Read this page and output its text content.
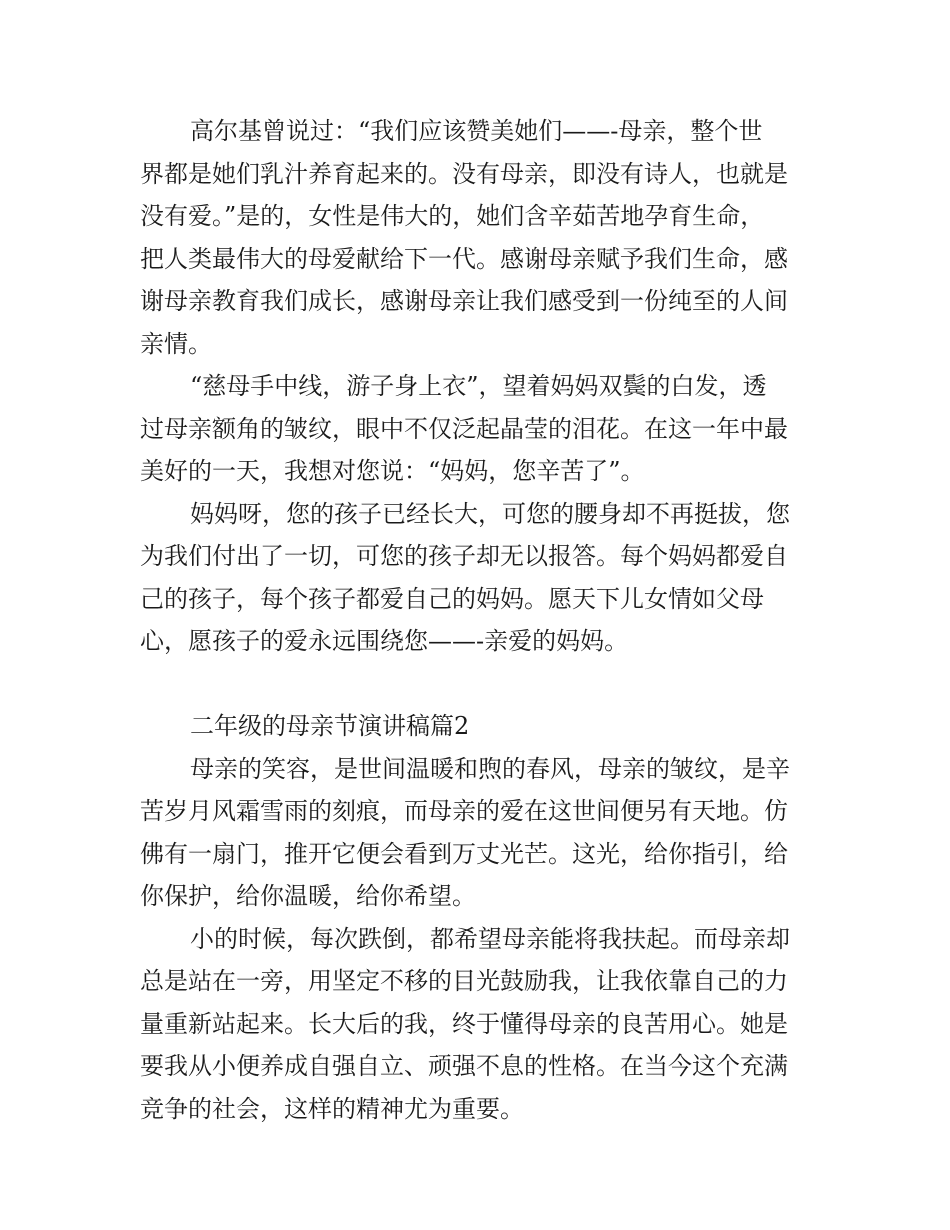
高尔基曾说过：“我们应该赞美她们——-母亲，整个世
界都是她们乳汁养育起来的。没有母亲，即没有诗人，也就是
没有爱。”是的，女性是伟大的，她们含辛茹苦地孕育生命，
把人类最伟大的母爱献给下一代。感谢母亲赋予我们生命，感
谢母亲教育我们成长，感谢母亲让我们感受到一份纯至的人间
亲情。
“慈母手中线，游子身上衣”，望着妈妈双鬓的白发，透
过母亲额角的皱纹，眼中不仅泛起晶莹的泪花。在这一年中最
美好的一天，我想对您说：“妈妈，您辛苦了”。
妈妈呀，您的孩子已经长大，可您的腰身却不再挺拔，您
为我们付出了一切，可您的孩子却无以报答。每个妈妈都爱自
己的孩子，每个孩子都爱自己的妈妈。愿天下儿女情如父母
心，愿孩子的爱永远围绕您——-亲爱的妈妈。
二年级的母亲节演讲稿篇2
母亲的笑容，是世间温暖和煦的春风，母亲的皱纹，是辛
苦岁月风霜雪雨的刻痕，而母亲的爱在这世间便另有天地。仿
佛有一扇门，推开它便会看到万丈光芒。这光，给你指引，给
你保护，给你温暖，给你希望。
小的时候，每次跌倒，都希望母亲能将我扶起。而母亲却
总是站在一旁，用坚定不移的目光鼓励我，让我依靠自己的力
量重新站起来。长大后的我，终于懂得母亲的良苦用心。她是
要我从小便养成自强自立、顽强不息的性格。在当今这个充满
竞争的社会，这样的精神尤为重要。
